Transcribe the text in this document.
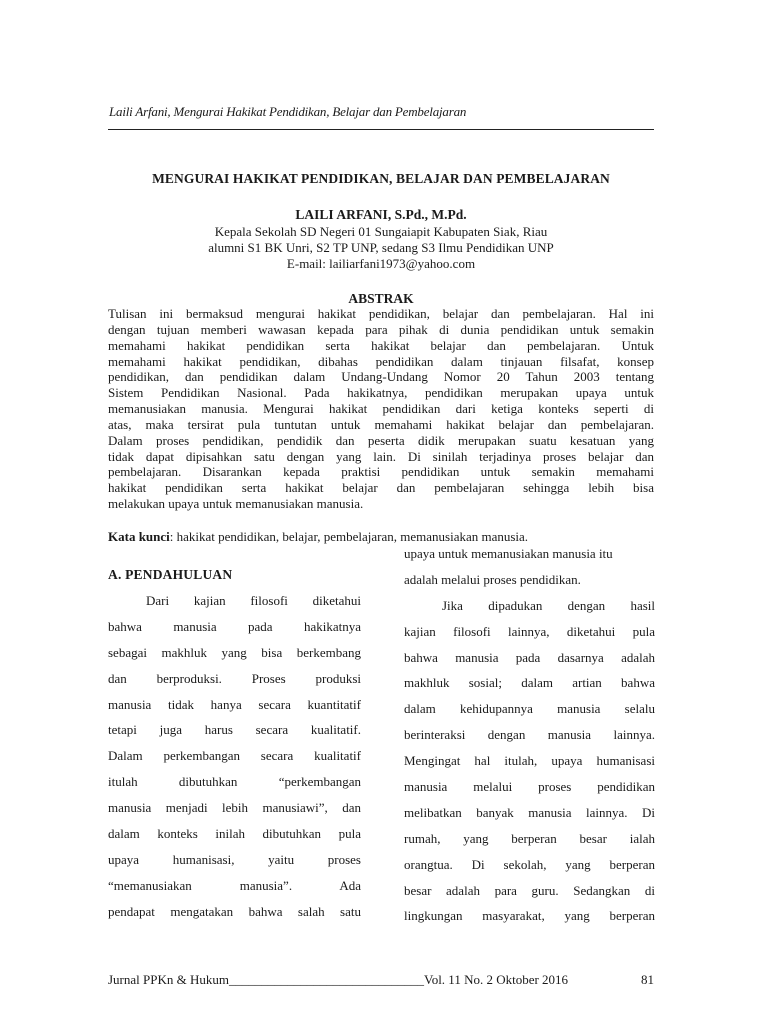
Laili Arfani, Mengurai Hakikat Pendidikan, Belajar dan Pembelajaran
MENGURAI HAKIKAT PENDIDIKAN, BELAJAR DAN PEMBELAJARAN
LAILI ARFANI, S.Pd., M.Pd.
Kepala Sekolah SD Negeri 01 Sungaiapit Kabupaten Siak, Riau
alumni S1 BK Unri, S2 TP UNP, sedang S3 Ilmu Pendidikan UNP
E-mail: lailiarfani1973@yahoo.com
ABSTRAK
Tulisan ini bermaksud mengurai hakikat pendidikan, belajar dan pembelajaran. Hal ini
dengan tujuan memberi wawasan kepada para pihak di dunia pendidikan untuk semakin
memahami hakikat pendidikan serta hakikat belajar dan pembelajaran. Untuk
memahami hakikat pendidikan, dibahas pendidikan dalam tinjauan filsafat, konsep
pendidikan, dan pendidikan dalam Undang-Undang Nomor 20 Tahun 2003 tentang
Sistem Pendidikan Nasional. Pada hakikatnya, pendidikan merupakan upaya untuk
memanusiakan manusia. Mengurai hakikat pendidikan dari ketiga konteks seperti di
atas, maka tersirat pula tuntutan untuk memahami hakikat belajar dan pembelajaran.
Dalam proses pendidikan, pendidik dan peserta didik merupakan suatu kesatuan yang
tidak dapat dipisahkan satu dengan yang lain. Di sinilah terjadinya proses belajar dan
pembelajaran. Disarankan kepada praktisi pendidikan untuk semakin memahami
hakikat pendidikan serta hakikat belajar dan pembelajaran sehingga lebih bisa
melakukan upaya untuk memanusiakan manusia.
Kata kunci: hakikat pendidikan, belajar, pembelajaran, memanusiakan manusia.
A. PENDAHULUAN
Dari kajian filosofi diketahui
bahwa manusia pada hakikatnya
sebagai makhluk yang bisa berkembang
dan berproduksi. Proses produksi
manusia tidak hanya secara kuantitatif
tetapi juga harus secara kualitatif.
Dalam perkembangan secara kualitatif
itulah dibutuhkan “perkembangan
manusia menjadi lebih manusiawi”, dan
dalam konteks inilah dibutuhkan pula
upaya humanisasi, yaitu proses
“memanusiakan manusia”. Ada
pendapat mengatakan bahwa salah satu
upaya untuk memanusiakan manusia itu
adalah melalui proses pendidikan.
Jika dipadukan dengan hasil
kajian filosofi lainnya, diketahui pula
bahwa manusia pada dasarnya adalah
makhluk sosial; dalam artian bahwa
dalam kehidupannya manusia selalu
berinteraksi dengan manusia lainnya.
Mengingat hal itulah, upaya humanisasi
manusia melalui proses pendidikan
melibatkan banyak manusia lainnya. Di
rumah, yang berperan besar ialah
orangtua. Di sekolah, yang berperan
besar adalah para guru. Sedangkan di
lingkungan masyarakat, yang berperan
Jurnal PPKn & Hukum______________________________Vol. 11 No. 2 Oktober 2016	81
